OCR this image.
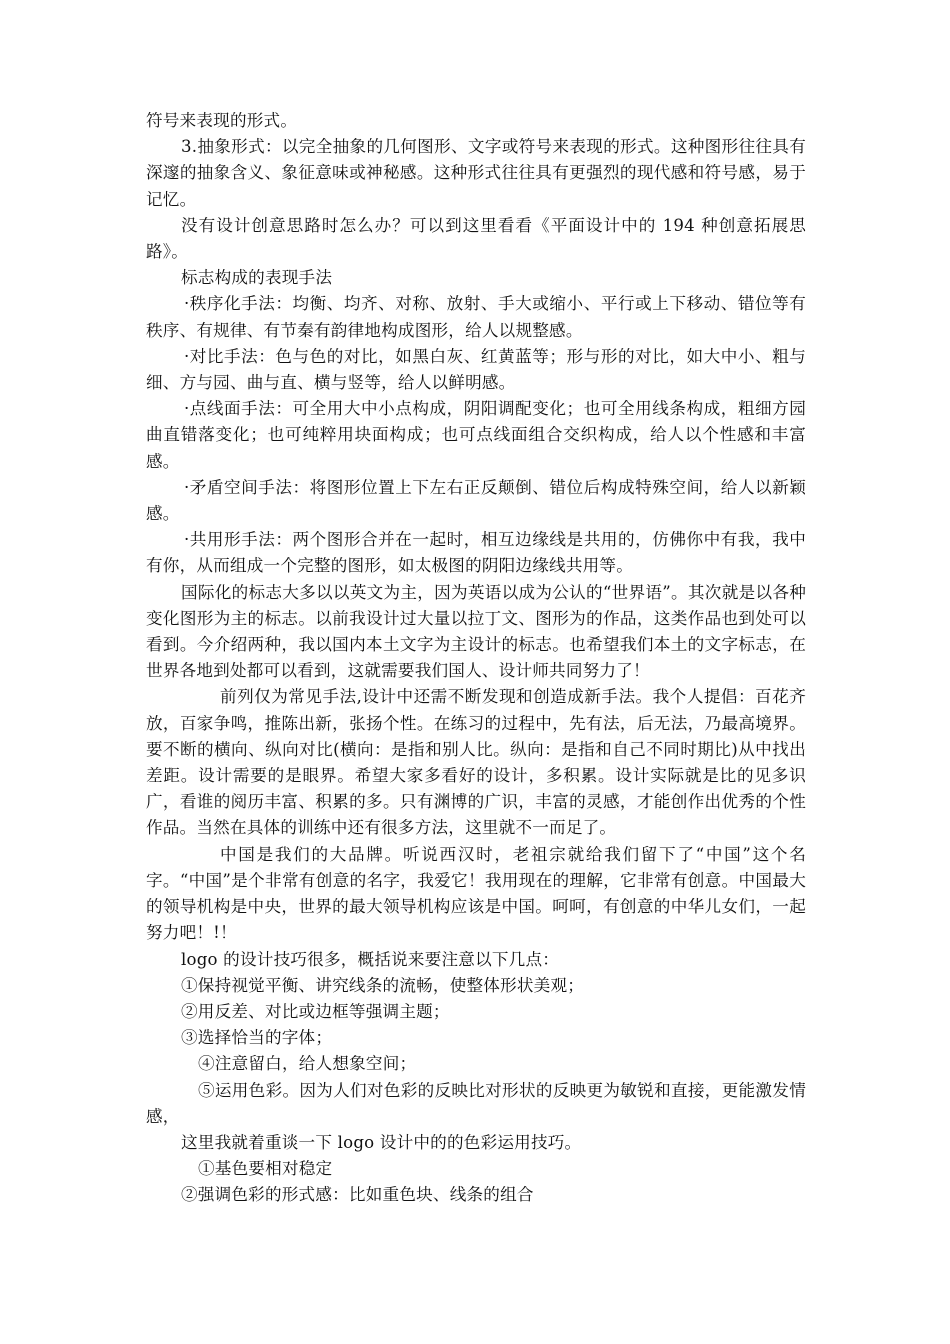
符号来表现的形式。

3.抽象形式：以完全抽象的几何图形、文字或符号来表现的形式。这种图形往往具有深邃的抽象含义、象征意味或神秘感。这种形式往往具有更强烈的现代感和符号感，易于记忆。

没有设计创意思路时怎么办？可以到这里看看《平面设计中的 194 种创意拓展思路》。

标志构成的表现手法

·秩序化手法：均衡、均齐、对称、放射、手大或缩小、平行或上下移动、错位等有秩序、有规律、有节秦有韵律地构成图形，给人以规整感。

·对比手法：色与色的对比，如黑白灰、红黄蓝等；形与形的对比，如大中小、粗与细、方与园、曲与直、横与竖等，给人以鲜明感。

·点线面手法：可全用大中小点构成，阴阳调配变化；也可全用线条构成，粗细方园曲直错落变化；也可纯粹用块面构成；也可点线面组合交织构成，给人以个性感和丰富感。

·矛盾空间手法：将图形位置上下左右正反颠倒、错位后构成特殊空间，给人以新颖感。

·共用形手法：两个图形合并在一起时，相互边缘线是共用的，仿佛你中有我，我中有你，从而组成一个完整的图形，如太极图的阴阳边缘线共用等。

国际化的标志大多以以英文为主，因为英语以成为公认的“世界语”。其次就是以各种变化图形为主的标志。以前我设计过大量以拉丁文、图形为的作品，这类作品也到处可以看到。今介绍两种，我以国内本土文字为主设计的标志。也希望我们本土的文字标志，在世界各地到处都可以看到，这就需要我们国人、设计师共同努力了！

前列仅为常见手法,设计中还需不断发现和创造成新手法。我个人提倡：百花齐放，百家争鸣，推陈出新，张扬个性。在练习的过程中，先有法，后无法，乃最高境界。要不断的横向、纵向对比(横向：是指和别人比。纵向：是指和自己不同时期比)从中找出差距。设计需要的是眼界。希望大家多看好的设计，多积累。设计实际就是比的见多识广，看谁的阅历丰富、积累的多。只有渊博的广识，丰富的灵感，才能创作出优秀的个性作品。当然在具体的训练中还有很多方法，这里就不一而足了。

中国是我们的大品牌。听说西汉时，老祖宗就给我们留下了“中国”这个名字。“中国”是个非常有创意的名字，我爱它！我用现在的理解，它非常有创意。中国最大的领导机构是中央，世界的最大领导机构应该是中国。呵呵，有创意的中华儿女们，一起努力吧！!！

logo 的设计技巧很多，概括说来要注意以下几点：

①保持视觉平衡、讲究线条的流畅，使整体形状美观；

②用反差、对比或边框等强调主题；

③选择恰当的字体；

④注意留白，给人想象空间；

⑤运用色彩。因为人们对色彩的反映比对形状的反映更为敏锐和直接，更能激发情感，

这里我就着重谈一下 logo 设计中的的色彩运用技巧。

①基色要相对稳定

②强调色彩的形式感：比如重色块、线条的组合
